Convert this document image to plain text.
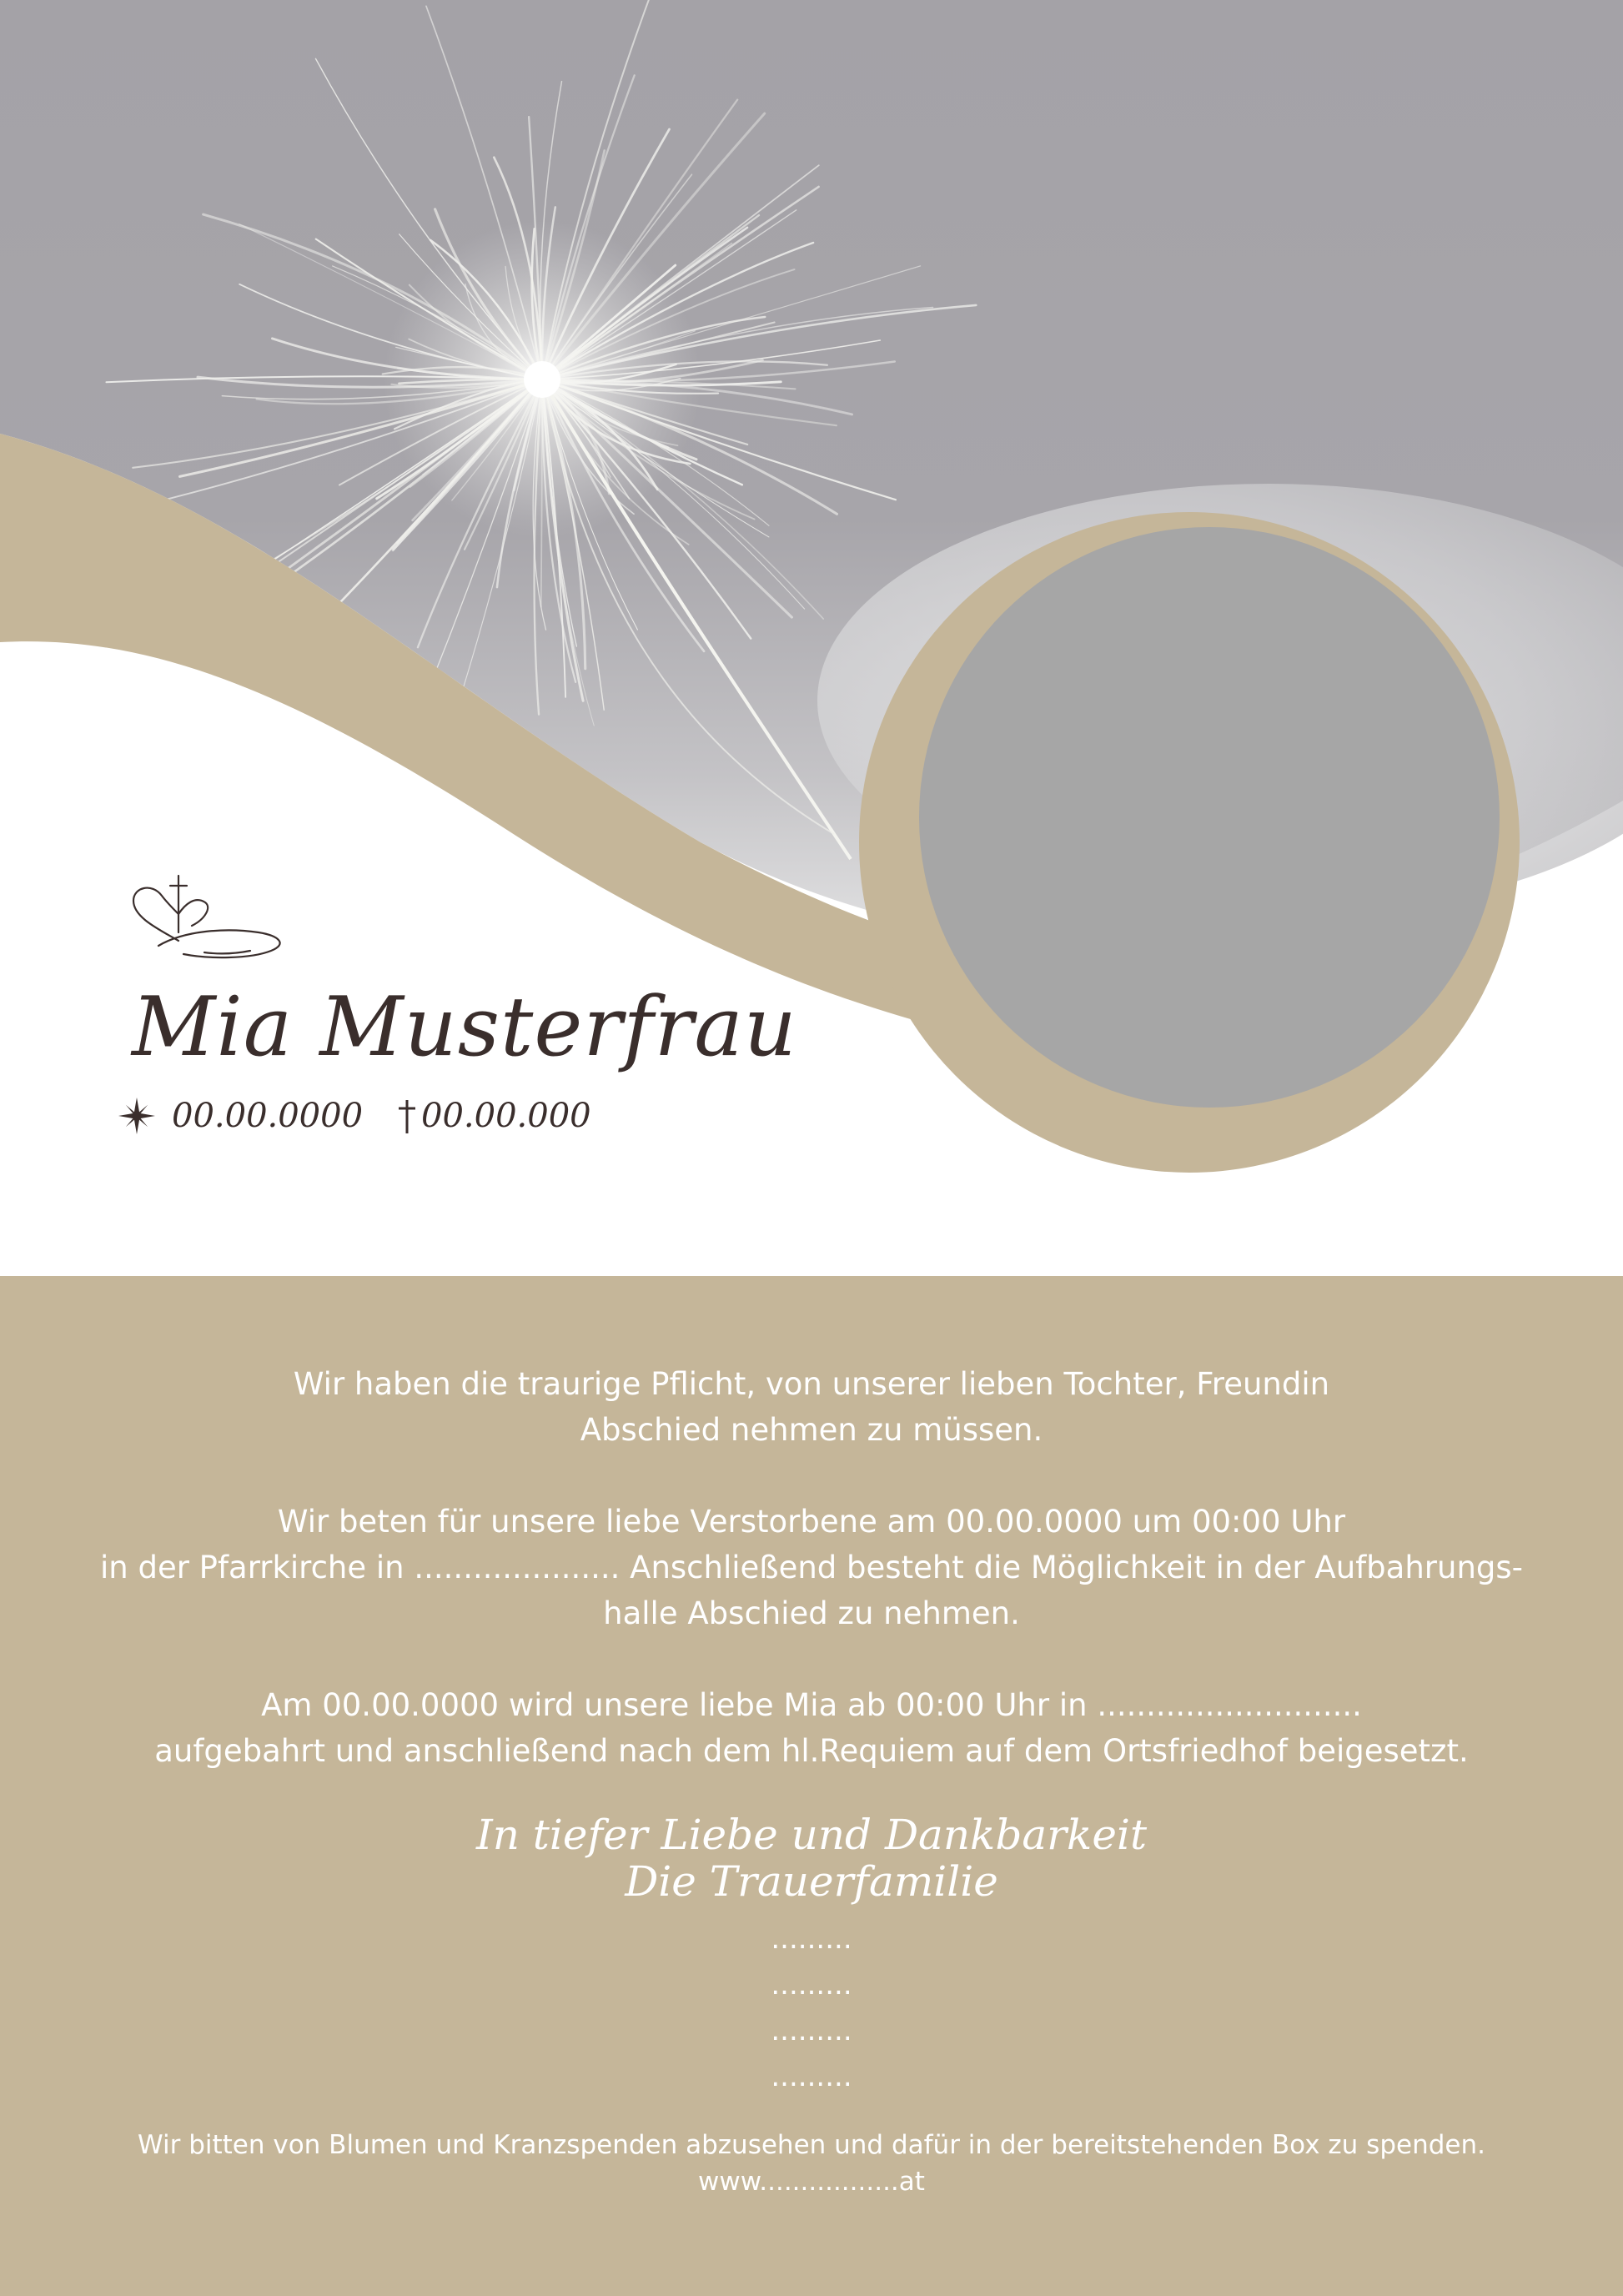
Mia Musterfrau
00.00.0000 00.00.000
Wir haben die traurige Pflicht, von unserer lieben Tochter, Freundin
Abschied nehmen zu müssen.
Wir beten für unsere liebe Verstorbene am 00.00.0000 um 00:00 Uhr
in der Pfarrkirche in ..................... Anschließend besteht die Möglichkeit in der Aufbahrungs-
halle Abschied zu nehmen.
Am 00.00.0000 wird unsere liebe Mia ab 00:00 Uhr in ...........................
aufgebahrt und anschließend nach dem hl.Requiem auf dem Ortsfriedhof beigesetzt.
In tiefer Liebe und Dankbarkeit
Die Trauerfamilie
.........
.........
.........
.........
Wir bitten von Blumen und Kranzspenden abzusehen und dafür in der bereitstehenden Box zu spenden.
www.................at
